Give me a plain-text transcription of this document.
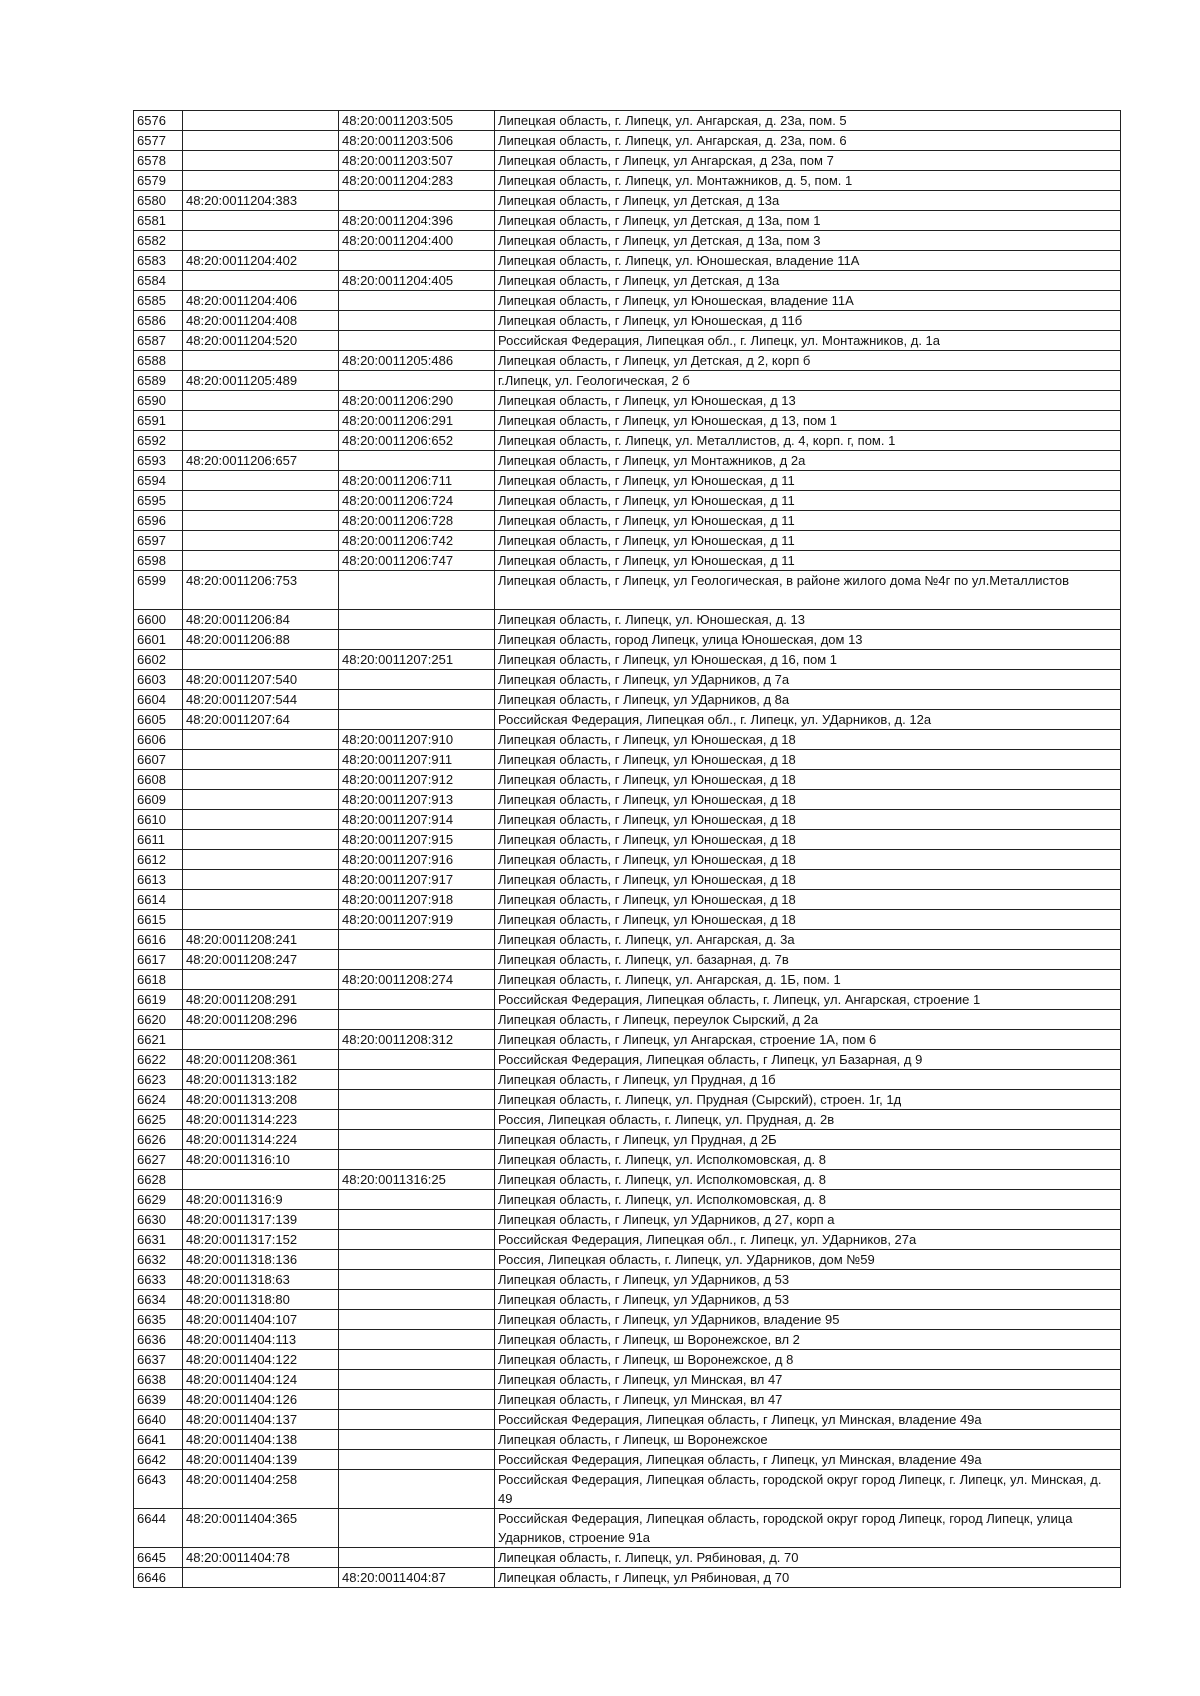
6576		48:20:0011203:505	Липецкая область, г. Липецк, ул. Ангарская, д. 23а, пом. 5
6577		48:20:0011203:506	Липецкая область, г. Липецк, ул. Ангарская, д. 23а, пом. 6
6578		48:20:0011203:507	Липецкая область, г Липецк, ул Ангарская, д 23а, пом 7
6579		48:20:0011204:283	Липецкая область, г. Липецк, ул. Монтажников, д. 5, пом. 1
6580	48:20:0011204:383		Липецкая область, г Липецк, ул Детская, д 13а
6581		48:20:0011204:396	Липецкая область, г Липецк, ул Детская, д 13а, пом 1
6582		48:20:0011204:400	Липецкая область, г Липецк, ул Детская, д 13а, пом 3
6583	48:20:0011204:402		Липецкая область, г. Липецк, ул. Юношеская, владение 11А
6584		48:20:0011204:405	Липецкая область, г Липецк, ул Детская, д 13а
6585	48:20:0011204:406		Липецкая область, г Липецк, ул Юношеская, владение 11А
6586	48:20:0011204:408		Липецкая область, г Липецк, ул Юношеская, д 11б
6587	48:20:0011204:520		Российская Федерация, Липецкая обл., г. Липецк, ул. Монтажников, д. 1а
6588		48:20:0011205:486	Липецкая область, г Липецк, ул Детская, д 2, корп б
6589	48:20:0011205:489		г.Липецк, ул. Геологическая, 2 б
6590		48:20:0011206:290	Липецкая область, г Липецк, ул Юношеская, д 13
6591		48:20:0011206:291	Липецкая область, г Липецк, ул Юношеская, д 13, пом 1
6592		48:20:0011206:652	Липецкая область, г. Липецк, ул. Металлистов, д. 4, корп. г, пом. 1
6593	48:20:0011206:657		Липецкая область, г Липецк, ул Монтажников, д 2а
6594		48:20:0011206:711	Липецкая область, г Липецк, ул Юношеская, д 11
6595		48:20:0011206:724	Липецкая область, г Липецк, ул Юношеская, д 11
6596		48:20:0011206:728	Липецкая область, г Липецк, ул Юношеская, д 11
6597		48:20:0011206:742	Липецкая область, г Липецк, ул Юношеская, д 11
6598		48:20:0011206:747	Липецкая область, г Липецк, ул Юношеская, д 11
6599	48:20:0011206:753		Липецкая область, г Липецк, ул Геологическая, в районе жилого дома №4г по ул.Металлистов
6600	48:20:0011206:84		Липецкая область, г. Липецк, ул. Юношеская, д. 13
6601	48:20:0011206:88		Липецкая область, город Липецк, улица Юношеская, дом 13
6602		48:20:0011207:251	Липецкая область, г Липецк, ул Юношеская, д 16, пом 1
6603	48:20:0011207:540		Липецкая область, г Липецк, ул УДарников, д 7а
6604	48:20:0011207:544		Липецкая область, г Липецк, ул УДарников, д 8а
6605	48:20:0011207:64		Российская Федерация, Липецкая обл., г. Липецк, ул. УДарников, д. 12а
6606		48:20:0011207:910	Липецкая область, г Липецк, ул Юношеская, д 18
6607		48:20:0011207:911	Липецкая область, г Липецк, ул Юношеская, д 18
6608		48:20:0011207:912	Липецкая область, г Липецк, ул Юношеская, д 18
6609		48:20:0011207:913	Липецкая область, г Липецк, ул Юношеская, д 18
6610		48:20:0011207:914	Липецкая область, г Липецк, ул Юношеская, д 18
6611		48:20:0011207:915	Липецкая область, г Липецк, ул Юношеская, д 18
6612		48:20:0011207:916	Липецкая область, г Липецк, ул Юношеская, д 18
6613		48:20:0011207:917	Липецкая область, г Липецк, ул Юношеская, д 18
6614		48:20:0011207:918	Липецкая область, г Липецк, ул Юношеская, д 18
6615		48:20:0011207:919	Липецкая область, г Липецк, ул Юношеская, д 18
6616	48:20:0011208:241		Липецкая область, г. Липецк, ул. Ангарская, д. 3а
6617	48:20:0011208:247		Липецкая область, г. Липецк, ул. базарная, д. 7в
6618		48:20:0011208:274	Липецкая область, г. Липецк, ул. Ангарская, д. 1Б, пом. 1
6619	48:20:0011208:291		Российская Федерация, Липецкая область, г. Липецк, ул. Ангарская, строение 1
6620	48:20:0011208:296		Липецкая область, г Липецк, переулок Сырский, д 2а
6621		48:20:0011208:312	Липецкая область, г Липецк, ул Ангарская, строение 1А, пом 6
6622	48:20:0011208:361		Российская Федерация, Липецкая область, г Липецк, ул Базарная, д 9
6623	48:20:0011313:182		Липецкая область, г Липецк, ул Прудная, д 1б
6624	48:20:0011313:208		Липецкая область, г. Липецк, ул. Прудная (Сырский), строен. 1г, 1д
6625	48:20:0011314:223		Россия, Липецкая область, г. Липецк, ул. Прудная, д. 2в
6626	48:20:0011314:224		Липецкая область, г Липецк, ул Прудная, д 2Б
6627	48:20:0011316:10		Липецкая область, г. Липецк, ул. Исполкомовская, д. 8
6628		48:20:0011316:25	Липецкая область, г. Липецк, ул. Исполкомовская, д. 8
6629	48:20:0011316:9		Липецкая область, г. Липецк, ул. Исполкомовская, д. 8
6630	48:20:0011317:139		Липецкая область, г Липецк, ул УДарников, д 27, корп а
6631	48:20:0011317:152		Российская Федерация, Липецкая обл., г. Липецк, ул. УДарников, 27а
6632	48:20:0011318:136		Россия, Липецкая область, г. Липецк, ул. УДарников, дом №59
6633	48:20:0011318:63		Липецкая область, г Липецк, ул УДарников, д 53
6634	48:20:0011318:80		Липецкая область, г Липецк, ул УДарников, д 53
6635	48:20:0011404:107		Липецкая область, г Липецк, ул УДарников, владение 95
6636	48:20:0011404:113		Липецкая область, г Липецк, ш Воронежское, вл 2
6637	48:20:0011404:122		Липецкая область, г Липецк, ш Воронежское, д 8
6638	48:20:0011404:124		Липецкая область, г Липецк, ул Минская, вл 47
6639	48:20:0011404:126		Липецкая область, г Липецк, ул Минская, вл 47
6640	48:20:0011404:137		Российская Федерация, Липецкая область, г Липецк, ул Минская, владение 49а
6641	48:20:0011404:138		Липецкая область, г Липецк, ш Воронежское
6642	48:20:0011404:139		Российская Федерация, Липецкая область, г Липецк, ул Минская, владение 49а
6643	48:20:0011404:258		Российская Федерация, Липецкая область, городской округ город Липецк, г. Липецк, ул. Минская, д. 49
6644	48:20:0011404:365		Российская Федерация, Липецкая область, городской округ город Липецк, город Липецк, улица Ударников, строение 91а
6645	48:20:0011404:78		Липецкая область, г. Липецк, ул. Рябиновая, д. 70
6646		48:20:0011404:87	Липецкая область, г Липецк, ул Рябиновая, д 70
